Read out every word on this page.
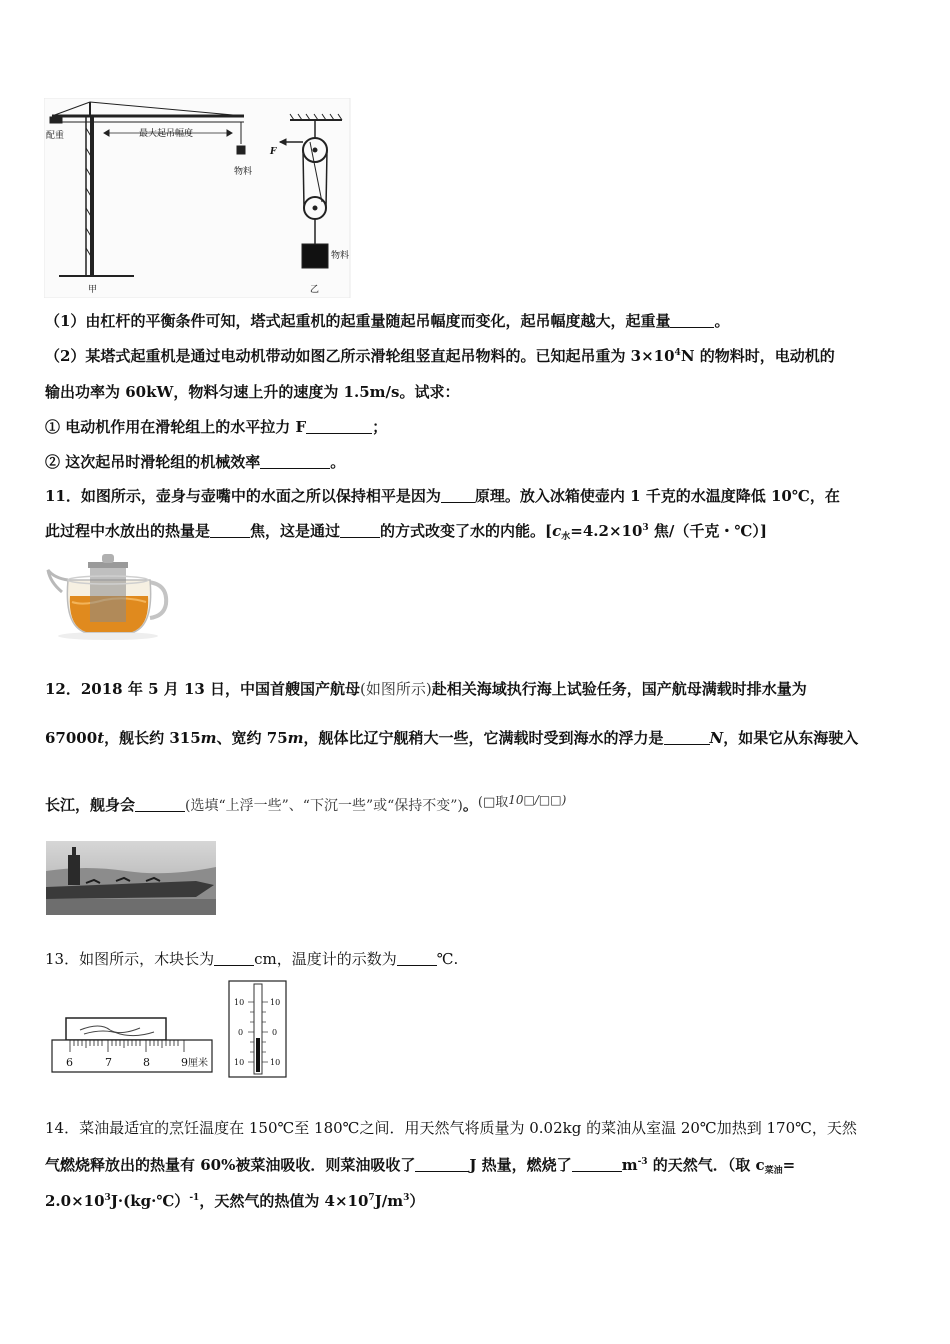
配重	最大起吊幅度
物料
甲
F
物料
乙
（1）由杠杆的平衡条件可知，塔式起重机的起重量随起吊幅度而变化，起吊幅度越大，起重量	。
（2）某塔式起重机是通过电动机带动如图乙所示滑轮组竖直起吊物料的。已知起吊重为 $3\times 10^4N$ 的物料时，电动机的
输出功率为 60kW，物料匀速上升的速度为 1.5m/s。试求：
① 电动机作用在滑轮组上的水平拉力 F	；
② 这次起吊时滑轮组的机械效率	。
11．如图所示，壶身与壶嘴中的水面之所以保持相平是因为 原理。放入冰箱使壶内 1 千克的水温度降低 10℃，在
此过程中水放出的热量是	焦，这是通过	的方式改变了水的内能。[$c_水=4.2\times 10^3$ 焦/（千克・℃）]
12．2018 年 5 月 13 日，中国首艘国产航母(如图所示)赴相关海域执行海上试验任务，国产航母满载时排水量为
67000t，舰长约 315m、宽约 75m，舰体比辽宁舰稍大一些，它满载时受到海水的浮力是	N，如果它从东海驶入
长江，舰身会	(选填“上浮一些”、“下沉一些”或“保持不变”)。(□取10□/□□)
13．如图所示，木块长为	cm，温度计的示数为	℃.
6	7	8	9 厘米
10
0
10
10
0
10
14．菜油最适宜的烹饪温度在 150℃至 180℃之间．用天然气将质量为 0.02kg 的菜油从室温 20℃加热到 170℃，天然
气燃烧释放出的热量有 60%被菜油吸收．则菜油吸收了	J 热量，燃烧了	$m^{-3}$ 的天然气．（取 $c_{菜油}=$
$2.0\times 10^3J\cdot(kg\cdot℃)^{-1}$，天然气的热值为 $4\times 10^7J/m^3$）
